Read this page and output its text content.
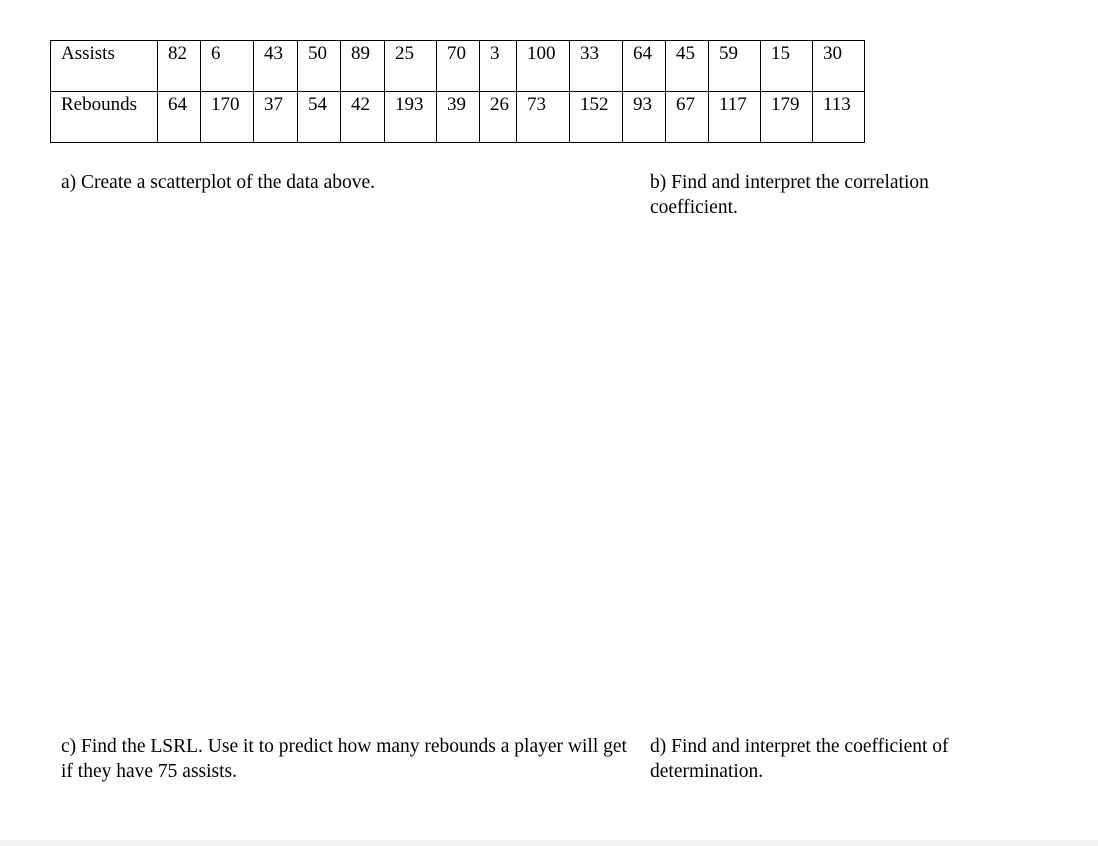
Assists	82	6	43	50	89	25	70	3	100	33	64	45	59	15	30
Rebounds	64	170	37	54	42	193	39	26	73	152	93	67	117	179	113
a) Create a scatterplot of the data above.	b) Find and interpret the correlation coefficient.
c) Find the LSRL. Use it to predict how many rebounds a player will get if they have 75 assists.
d) Find and interpret the coefficient of determination.
